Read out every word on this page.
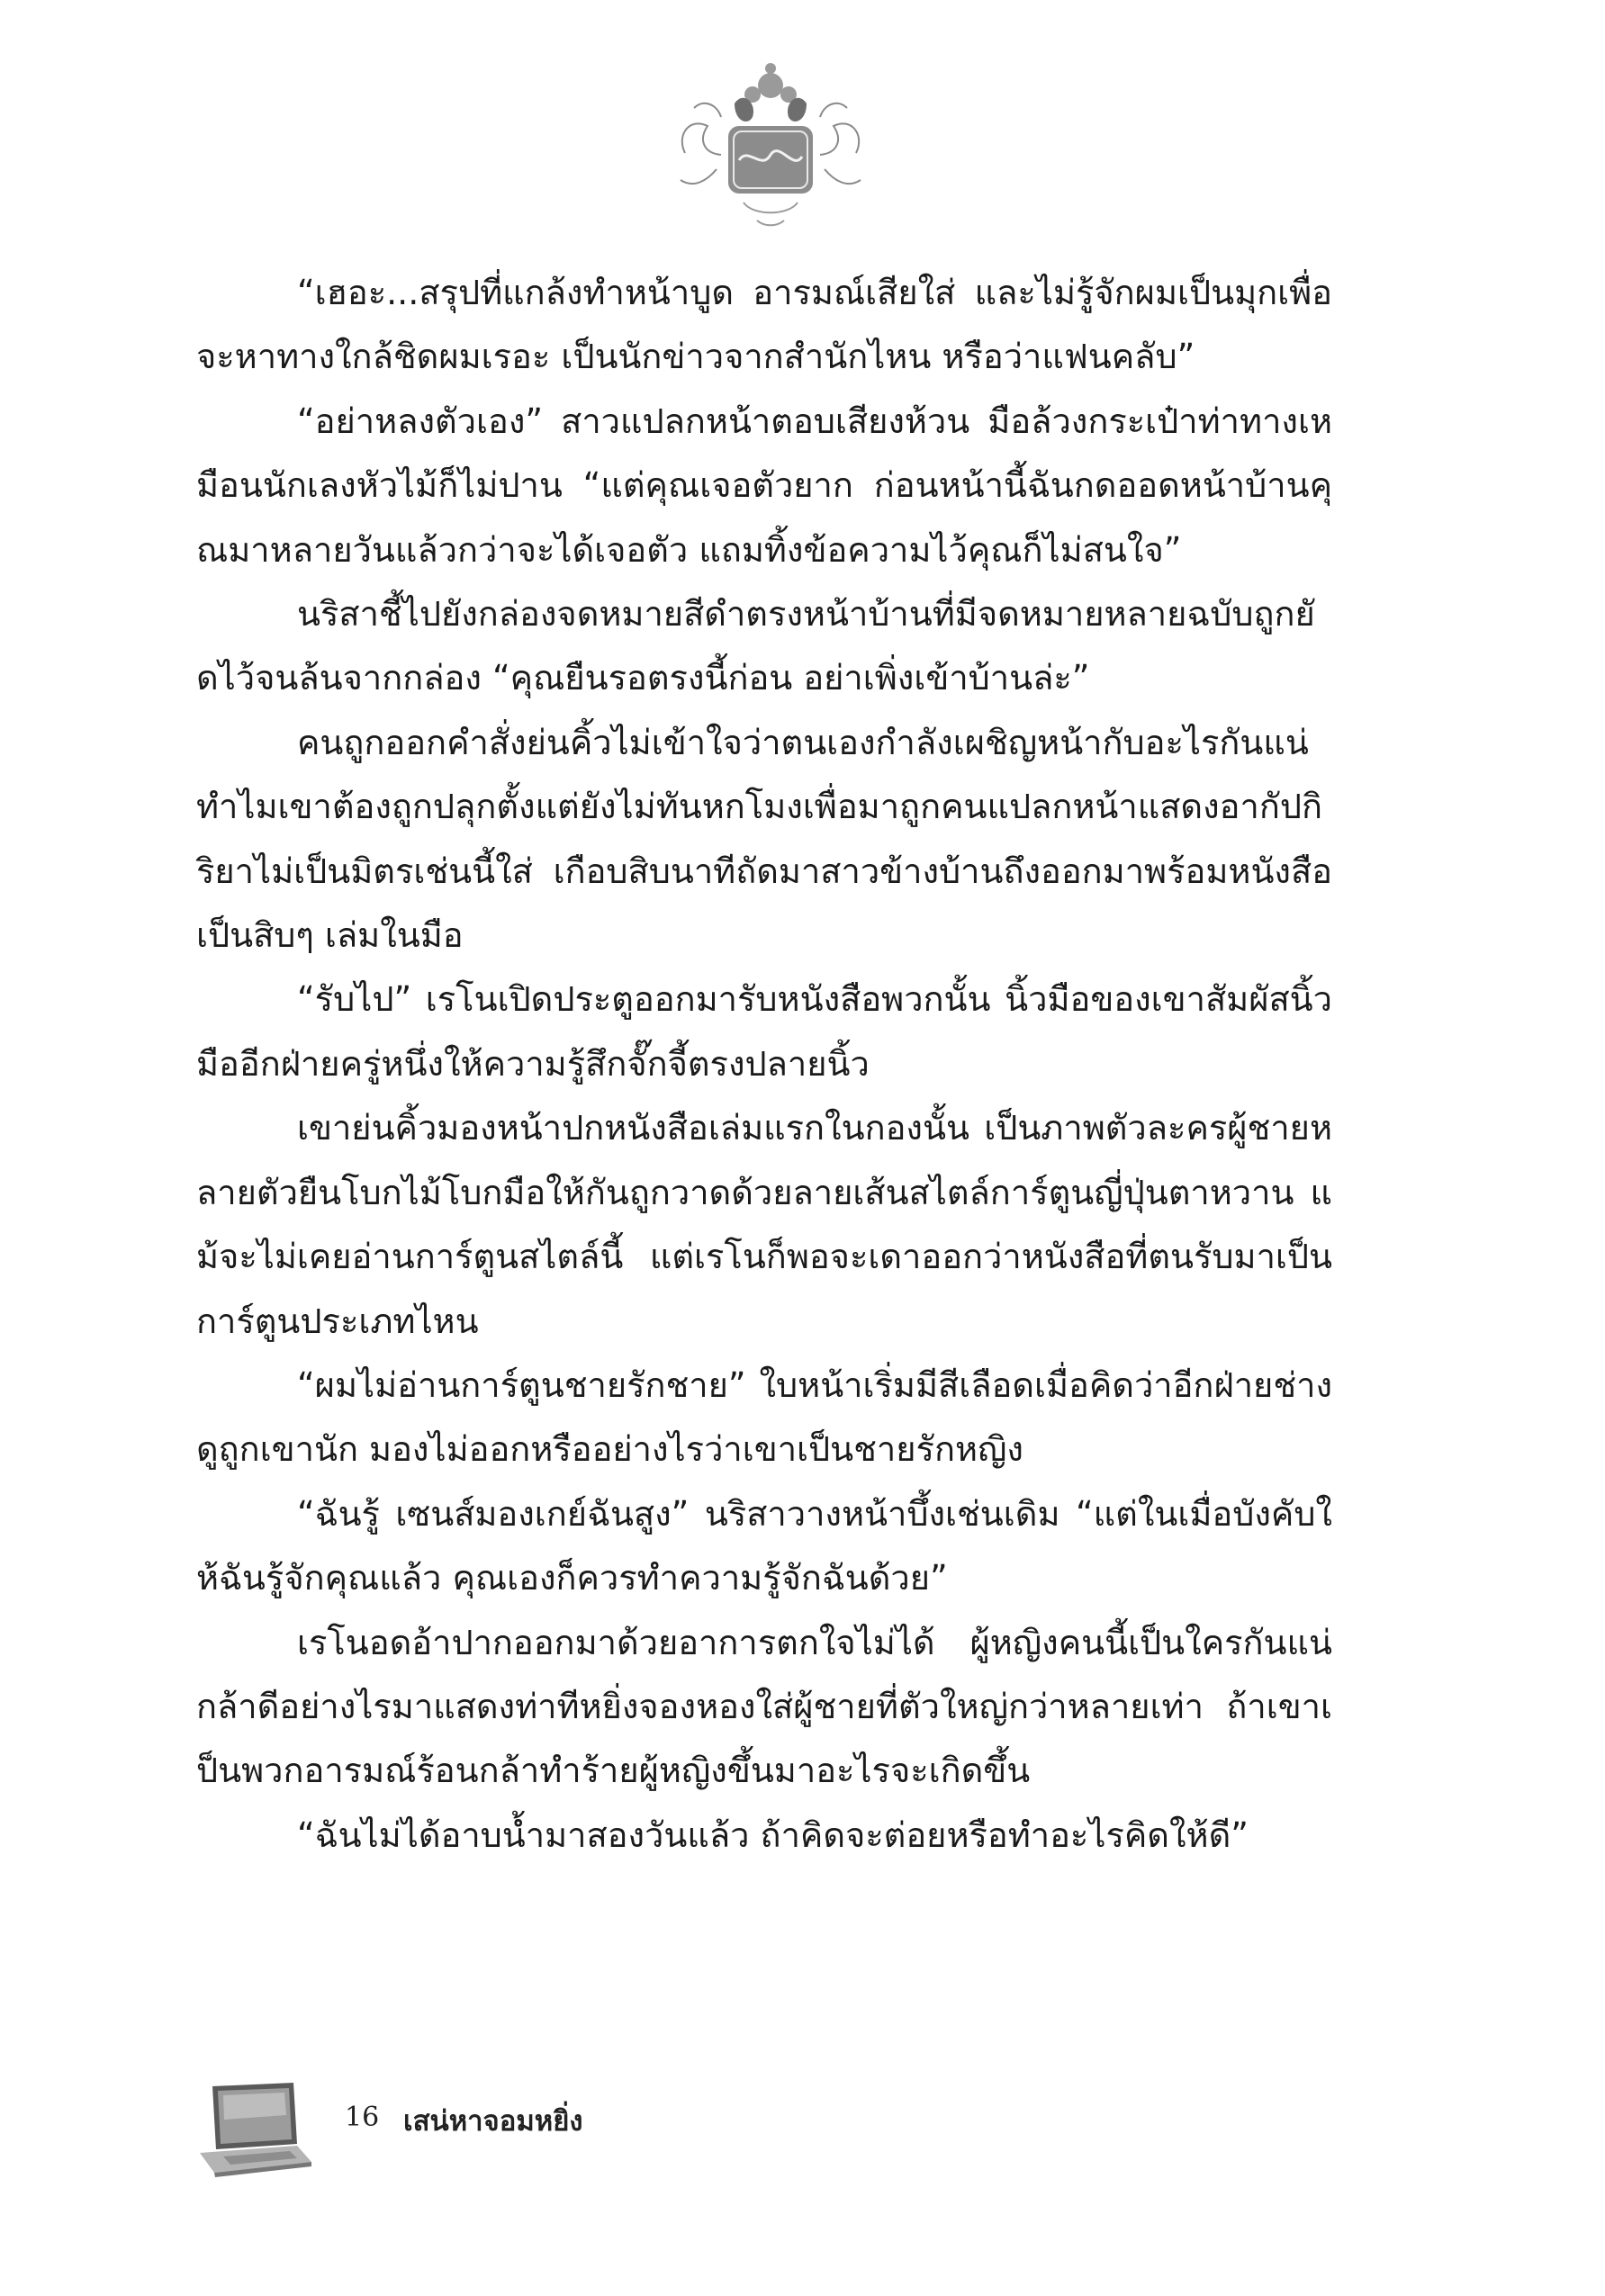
“เฮอะ...สรุปที่แกล้งทำหน้าบูด อารมณ์เสียใส่ และไม่รู้จักผมเป็นมุกเพื่อจะหาทางใกล้ชิดผมเรอะ เป็นนักข่าวจากสำนักไหน หรือว่าแฟนคลับ”

“อย่าหลงตัวเอง” สาวแปลกหน้าตอบเสียงห้วน มือล้วงกระเป๋าท่าทางเหมือนนักเลงหัวไม้ก็ไม่ปาน “แต่คุณเจอตัวยาก ก่อนหน้านี้ฉันกดออดหน้าบ้านคุณมาหลายวันแล้วกว่าจะได้เจอตัว แถมทิ้งข้อความไว้คุณก็ไม่สนใจ”

นริสาชี้ไปยังกล่องจดหมายสีดำตรงหน้าบ้านที่มีจดหมายหลายฉบับถูกยัดไว้จนล้นจากกล่อง “คุณยืนรอตรงนี้ก่อน อย่าเพิ่งเข้าบ้านล่ะ”

คนถูกออกคำสั่งย่นคิ้วไม่เข้าใจว่าตนเองกำลังเผชิญหน้ากับอะไรกันแน่ ทำไมเขาต้องถูกปลุกตั้งแต่ยังไม่ทันหกโมงเพื่อมาถูกคนแปลกหน้าแสดงอากัปกิริยาไม่เป็นมิตรเช่นนี้ใส่ เกือบสิบนาทีถัดมาสาวข้างบ้านถึงออกมาพร้อมหนังสือเป็นสิบๆ เล่มในมือ

“รับไป” เรโนเปิดประตูออกมารับหนังสือพวกนั้น นิ้วมือของเขาสัมผัสนิ้วมืออีกฝ่ายครู่หนึ่งให้ความรู้สึกจั๊กจี้ตรงปลายนิ้ว

เขาย่นคิ้วมองหน้าปกหนังสือเล่มแรกในกองนั้น เป็นภาพตัวละครผู้ชายหลายตัวยืนโบกไม้โบกมือให้กันถูกวาดด้วยลายเส้นสไตล์การ์ตูนญี่ปุ่นตาหวาน แม้จะไม่เคยอ่านการ์ตูนสไตล์นี้ แต่เรโนก็พอจะเดาออกว่าหนังสือที่ตนรับมาเป็นการ์ตูนประเภทไหน

“ผมไม่อ่านการ์ตูนชายรักชาย” ใบหน้าเริ่มมีสีเลือดเมื่อคิดว่าอีกฝ่ายช่างดูถูกเขานัก มองไม่ออกหรืออย่างไรว่าเขาเป็นชายรักหญิง

“ฉันรู้ เซนส์มองเกย์ฉันสูง” นริสาวางหน้าบึ้งเช่นเดิม “แต่ในเมื่อบังคับให้ฉันรู้จักคุณแล้ว คุณเองก็ควรทำความรู้จักฉันด้วย”

เรโนอดอ้าปากออกมาด้วยอาการตกใจไม่ได้ ผู้หญิงคนนี้เป็นใครกันแน่ กล้าดีอย่างไรมาแสดงท่าทีหยิ่งจองหองใส่ผู้ชายที่ตัวใหญ่กว่าหลายเท่า ถ้าเขาเป็นพวกอารมณ์ร้อนกล้าทำร้ายผู้หญิงขึ้นมาอะไรจะเกิดขึ้น

“ฉันไม่ได้อาบน้ำมาสองวันแล้ว ถ้าคิดจะต่อยหรือทำอะไรคิดให้ดี”

16 เสน่หาจอมหยิ่ง
